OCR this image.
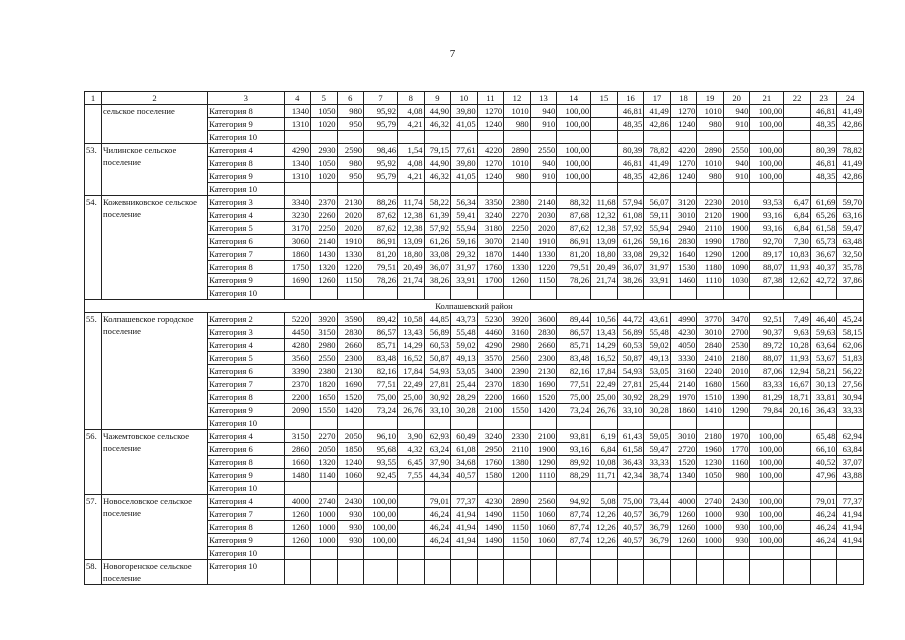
7
1	2	3	4	5	6	7	8	9	10	11	12	13	14	15	16	17	18	19	20	21	22	23	24
	сельское поселение	Категория 8	1340	1050	980	95,92	4,08	44,90	39,80	1270	1010	940	100,00		46,81	41,49	1270	1010	940	100,00		46,81	41,49
		Категория 9	1310	1020	950	95,79	4,21	46,32	41,05	1240	980	910	100,00		48,35	42,86	1240	980	910	100,00		48,35	42,86
		Категория 10																					
53.	Чилинское сельское поселение	Категория 4	4290	2930	2590	98,46	1,54	79,15	77,61	4220	2890	2550	100,00		80,39	78,82	4220	2890	2550	100,00		80,39	78,82
		Категория 8	1340	1050	980	95,92	4,08	44,90	39,80	1270	1010	940	100,00		46,81	41,49	1270	1010	940	100,00		46,81	41,49
		Категория 9	1310	1020	950	95,79	4,21	46,32	41,05	1240	980	910	100,00		48,35	42,86	1240	980	910	100,00		48,35	42,86
		Категория 10																					
54.	Кожевниковское сельское поселение	Категория 3	3340	2370	2130	88,26	11,74	58,22	56,34	3350	2380	2140	88,32	11,68	57,94	56,07	3120	2230	2010	93,53	6,47	61,69	59,70
		Категория 4	3230	2260	2020	87,62	12,38	61,39	59,41	3240	2270	2030	87,68	12,32	61,08	59,11	3010	2120	1900	93,16	6,84	65,26	63,16
		Категория 5	3170	2250	2020	87,62	12,38	57,92	55,94	3180	2250	2020	87,62	12,38	57,92	55,94	2940	2110	1900	93,16	6,84	61,58	59,47
		Категория 6	3060	2140	1910	86,91	13,09	61,26	59,16	3070	2140	1910	86,91	13,09	61,26	59,16	2830	1990	1780	92,70	7,30	65,73	63,48
		Категория 7	1860	1430	1330	81,20	18,80	33,08	29,32	1870	1440	1330	81,20	18,80	33,08	29,32	1640	1290	1200	89,17	10,83	36,67	32,50
		Категория 8	1750	1320	1220	79,51	20,49	36,07	31,97	1760	1330	1220	79,51	20,49	36,07	31,97	1530	1180	1090	88,07	11,93	40,37	35,78
		Категория 9	1690	1260	1150	78,26	21,74	38,26	33,91	1700	1260	1150	78,26	21,74	38,26	33,91	1460	1110	1030	87,38	12,62	42,72	37,86
		Категория 10																					
Колпашевский район																							
55.	Колпашевское городское поселение	Категория 2	5220	3920	3590	89,42	10,58	44,85	43,73	5230	3920	3600	89,44	10,56	44,72	43,61	4990	3770	3470	92,51	7,49	46,40	45,24
		Категория 3	4450	3150	2830	86,57	13,43	56,89	55,48	4460	3160	2830	86,57	13,43	56,89	55,48	4230	3010	2700	90,37	9,63	59,63	58,15
		Категория 4	4280	2980	2660	85,71	14,29	60,53	59,02	4290	2980	2660	85,71	14,29	60,53	59,02	4050	2840	2530	89,72	10,28	63,64	62,06
		Категория 5	3560	2550	2300	83,48	16,52	50,87	49,13	3570	2560	2300	83,48	16,52	50,87	49,13	3330	2410	2180	88,07	11,93	53,67	51,83
		Категория 6	3390	2380	2130	82,16	17,84	54,93	53,05	3400	2390	2130	82,16	17,84	54,93	53,05	3160	2240	2010	87,06	12,94	58,21	56,22
		Категория 7	2370	1820	1690	77,51	22,49	27,81	25,44	2370	1830	1690	77,51	22,49	27,81	25,44	2140	1680	1560	83,33	16,67	30,13	27,56
		Категория 8	2200	1650	1520	75,00	25,00	30,92	28,29	2200	1660	1520	75,00	25,00	30,92	28,29	1970	1510	1390	81,29	18,71	33,81	30,94
		Категория 9	2090	1550	1420	73,24	26,76	33,10	30,28	2100	1550	1420	73,24	26,76	33,10	30,28	1860	1410	1290	79,84	20,16	36,43	33,33
		Категория 10																					
56.	Чажемтовское сельское поселение	Категория 4	3150	2270	2050	96,10	3,90	62,93	60,49	3240	2330	2100	93,81	6,19	61,43	59,05	3010	2180	1970	100,00		65,48	62,94
		Категория 6	2860	2050	1850	95,68	4,32	63,24	61,08	2950	2110	1900	93,16	6,84	61,58	59,47	2720	1960	1770	100,00		66,10	63,84
		Категория 8	1660	1320	1240	93,55	6,45	37,90	34,68	1760	1380	1290	89,92	10,08	36,43	33,33	1520	1230	1160	100,00		40,52	37,07
		Категория 9	1480	1140	1060	92,45	7,55	44,34	40,57	1580	1200	1110	88,29	11,71	42,34	38,74	1340	1050	980	100,00		47,96	43,88
		Категория 10																					
57.	Новоселовское сельское поселение	Категория 4	4000	2740	2430	100,00		79,01	77,37	4230	2890	2560	94,92	5,08	75,00	73,44	4000	2740	2430	100,00		79,01	77,37
		Категория 7	1260	1000	930	100,00		46,24	41,94	1490	1150	1060	87,74	12,26	40,57	36,79	1260	1000	930	100,00		46,24	41,94
		Категория 8	1260	1000	930	100,00		46,24	41,94	1490	1150	1060	87,74	12,26	40,57	36,79	1260	1000	930	100,00		46,24	41,94
		Категория 9	1260	1000	930	100,00		46,24	41,94	1490	1150	1060	87,74	12,26	40,57	36,79	1260	1000	930	100,00		46,24	41,94
		Категория 10																					
58.	Новогоренское сельское поселение	Категория 10																					
